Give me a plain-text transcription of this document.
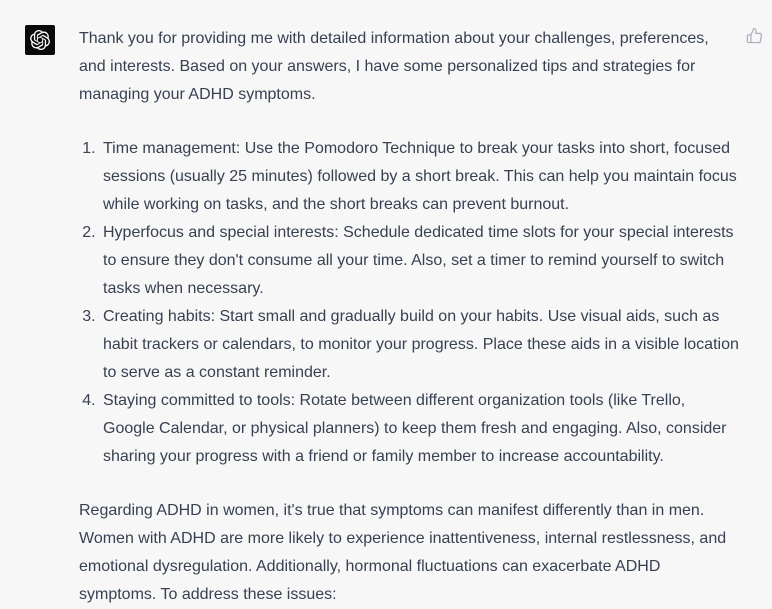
Thank you for providing me with detailed information about your challenges, preferences, and interests. Based on your answers, I have some personalized tips and strategies for managing your ADHD symptoms.

1. Time management: Use the Pomodoro Technique to break your tasks into short, focused sessions (usually 25 minutes) followed by a short break. This can help you maintain focus while working on tasks, and the short breaks can prevent burnout.
2. Hyperfocus and special interests: Schedule dedicated time slots for your special interests to ensure they don't consume all your time. Also, set a timer to remind yourself to switch tasks when necessary.
3. Creating habits: Start small and gradually build on your habits. Use visual aids, such as habit trackers or calendars, to monitor your progress. Place these aids in a visible location to serve as a constant reminder.
4. Staying committed to tools: Rotate between different organization tools (like Trello, Google Calendar, or physical planners) to keep them fresh and engaging. Also, consider sharing your progress with a friend or family member to increase accountability.

Regarding ADHD in women, it's true that symptoms can manifest differently than in men. Women with ADHD are more likely to experience inattentiveness, internal restlessness, and emotional dysregulation. Additionally, hormonal fluctuations can exacerbate ADHD symptoms. To address these issues:
